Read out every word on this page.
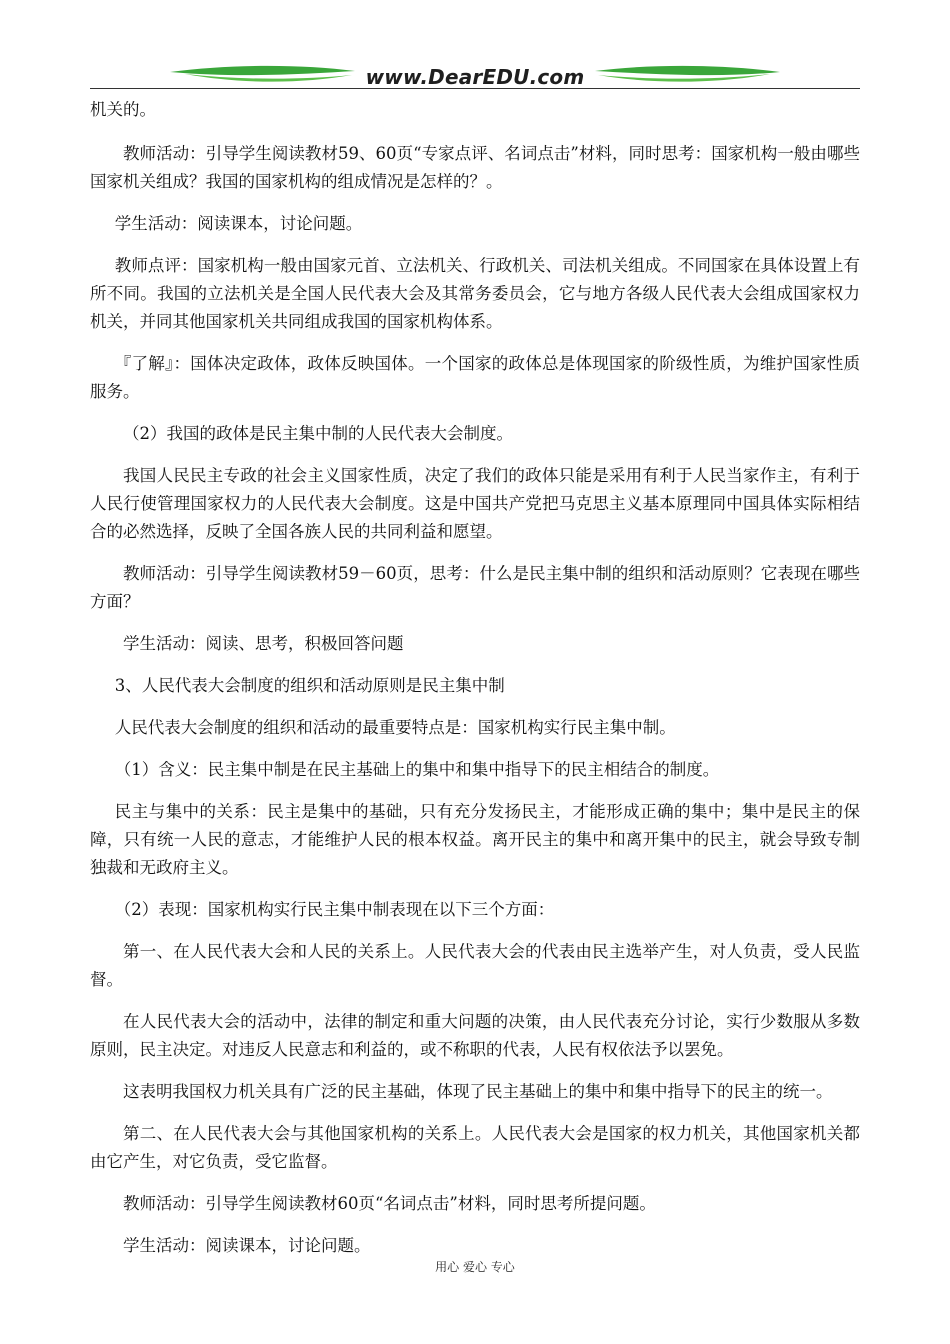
www.DearEDU.com

机关的。

教师活动：引导学生阅读教材59、60页“专家点评、名词点击”材料，同时思考：国家机构一般由哪些国家机关组成？我国的国家机构的组成情况是怎样的？。

学生活动：阅读课本，讨论问题。

教师点评：国家机构一般由国家元首、立法机关、行政机关、司法机关组成。不同国家在具体设置上有所不同。我国的立法机关是全国人民代表大会及其常务委员会，它与地方各级人民代表大会组成国家权力机关，并同其他国家机关共同组成我国的国家机构体系。

『了解』：国体决定政体，政体反映国体。一个国家的政体总是体现国家的阶级性质，为维护国家性质服务。

（2）我国的政体是民主集中制的人民代表大会制度。

我国人民民主专政的社会主义国家性质，决定了我们的政体只能是采用有利于人民当家作主，有利于人民行使管理国家权力的人民代表大会制度。这是中国共产党把马克思主义基本原理同中国具体实际相结合的必然选择，反映了全国各族人民的共同利益和愿望。

教师活动：引导学生阅读教材59－60页，思考：什么是民主集中制的组织和活动原则？它表现在哪些方面？

学生活动：阅读、思考，积极回答问题

3、人民代表大会制度的组织和活动原则是民主集中制

人民代表大会制度的组织和活动的最重要特点是：国家机构实行民主集中制。

（1）含义：民主集中制是在民主基础上的集中和集中指导下的民主相结合的制度。

民主与集中的关系：民主是集中的基础，只有充分发扬民主，才能形成正确的集中；集中是民主的保障，只有统一人民的意志，才能维护人民的根本权益。离开民主的集中和离开集中的民主，就会导致专制独裁和无政府主义。

（2）表现：国家机构实行民主集中制表现在以下三个方面：

第一、在人民代表大会和人民的关系上。人民代表大会的代表由民主选举产生，对人负责，受人民监督。

在人民代表大会的活动中，法律的制定和重大问题的决策，由人民代表充分讨论，实行少数服从多数原则，民主决定。对违反人民意志和利益的，或不称职的代表，人民有权依法予以罢免。

这表明我国权力机关具有广泛的民主基础，体现了民主基础上的集中和集中指导下的民主的统一。

第二、在人民代表大会与其他国家机构的关系上。人民代表大会是国家的权力机关，其他国家机关都由它产生，对它负责，受它监督。

教师活动：引导学生阅读教材60页“名词点击”材料，同时思考所提问题。

学生活动：阅读课本，讨论问题。

用心 爱心 专心
